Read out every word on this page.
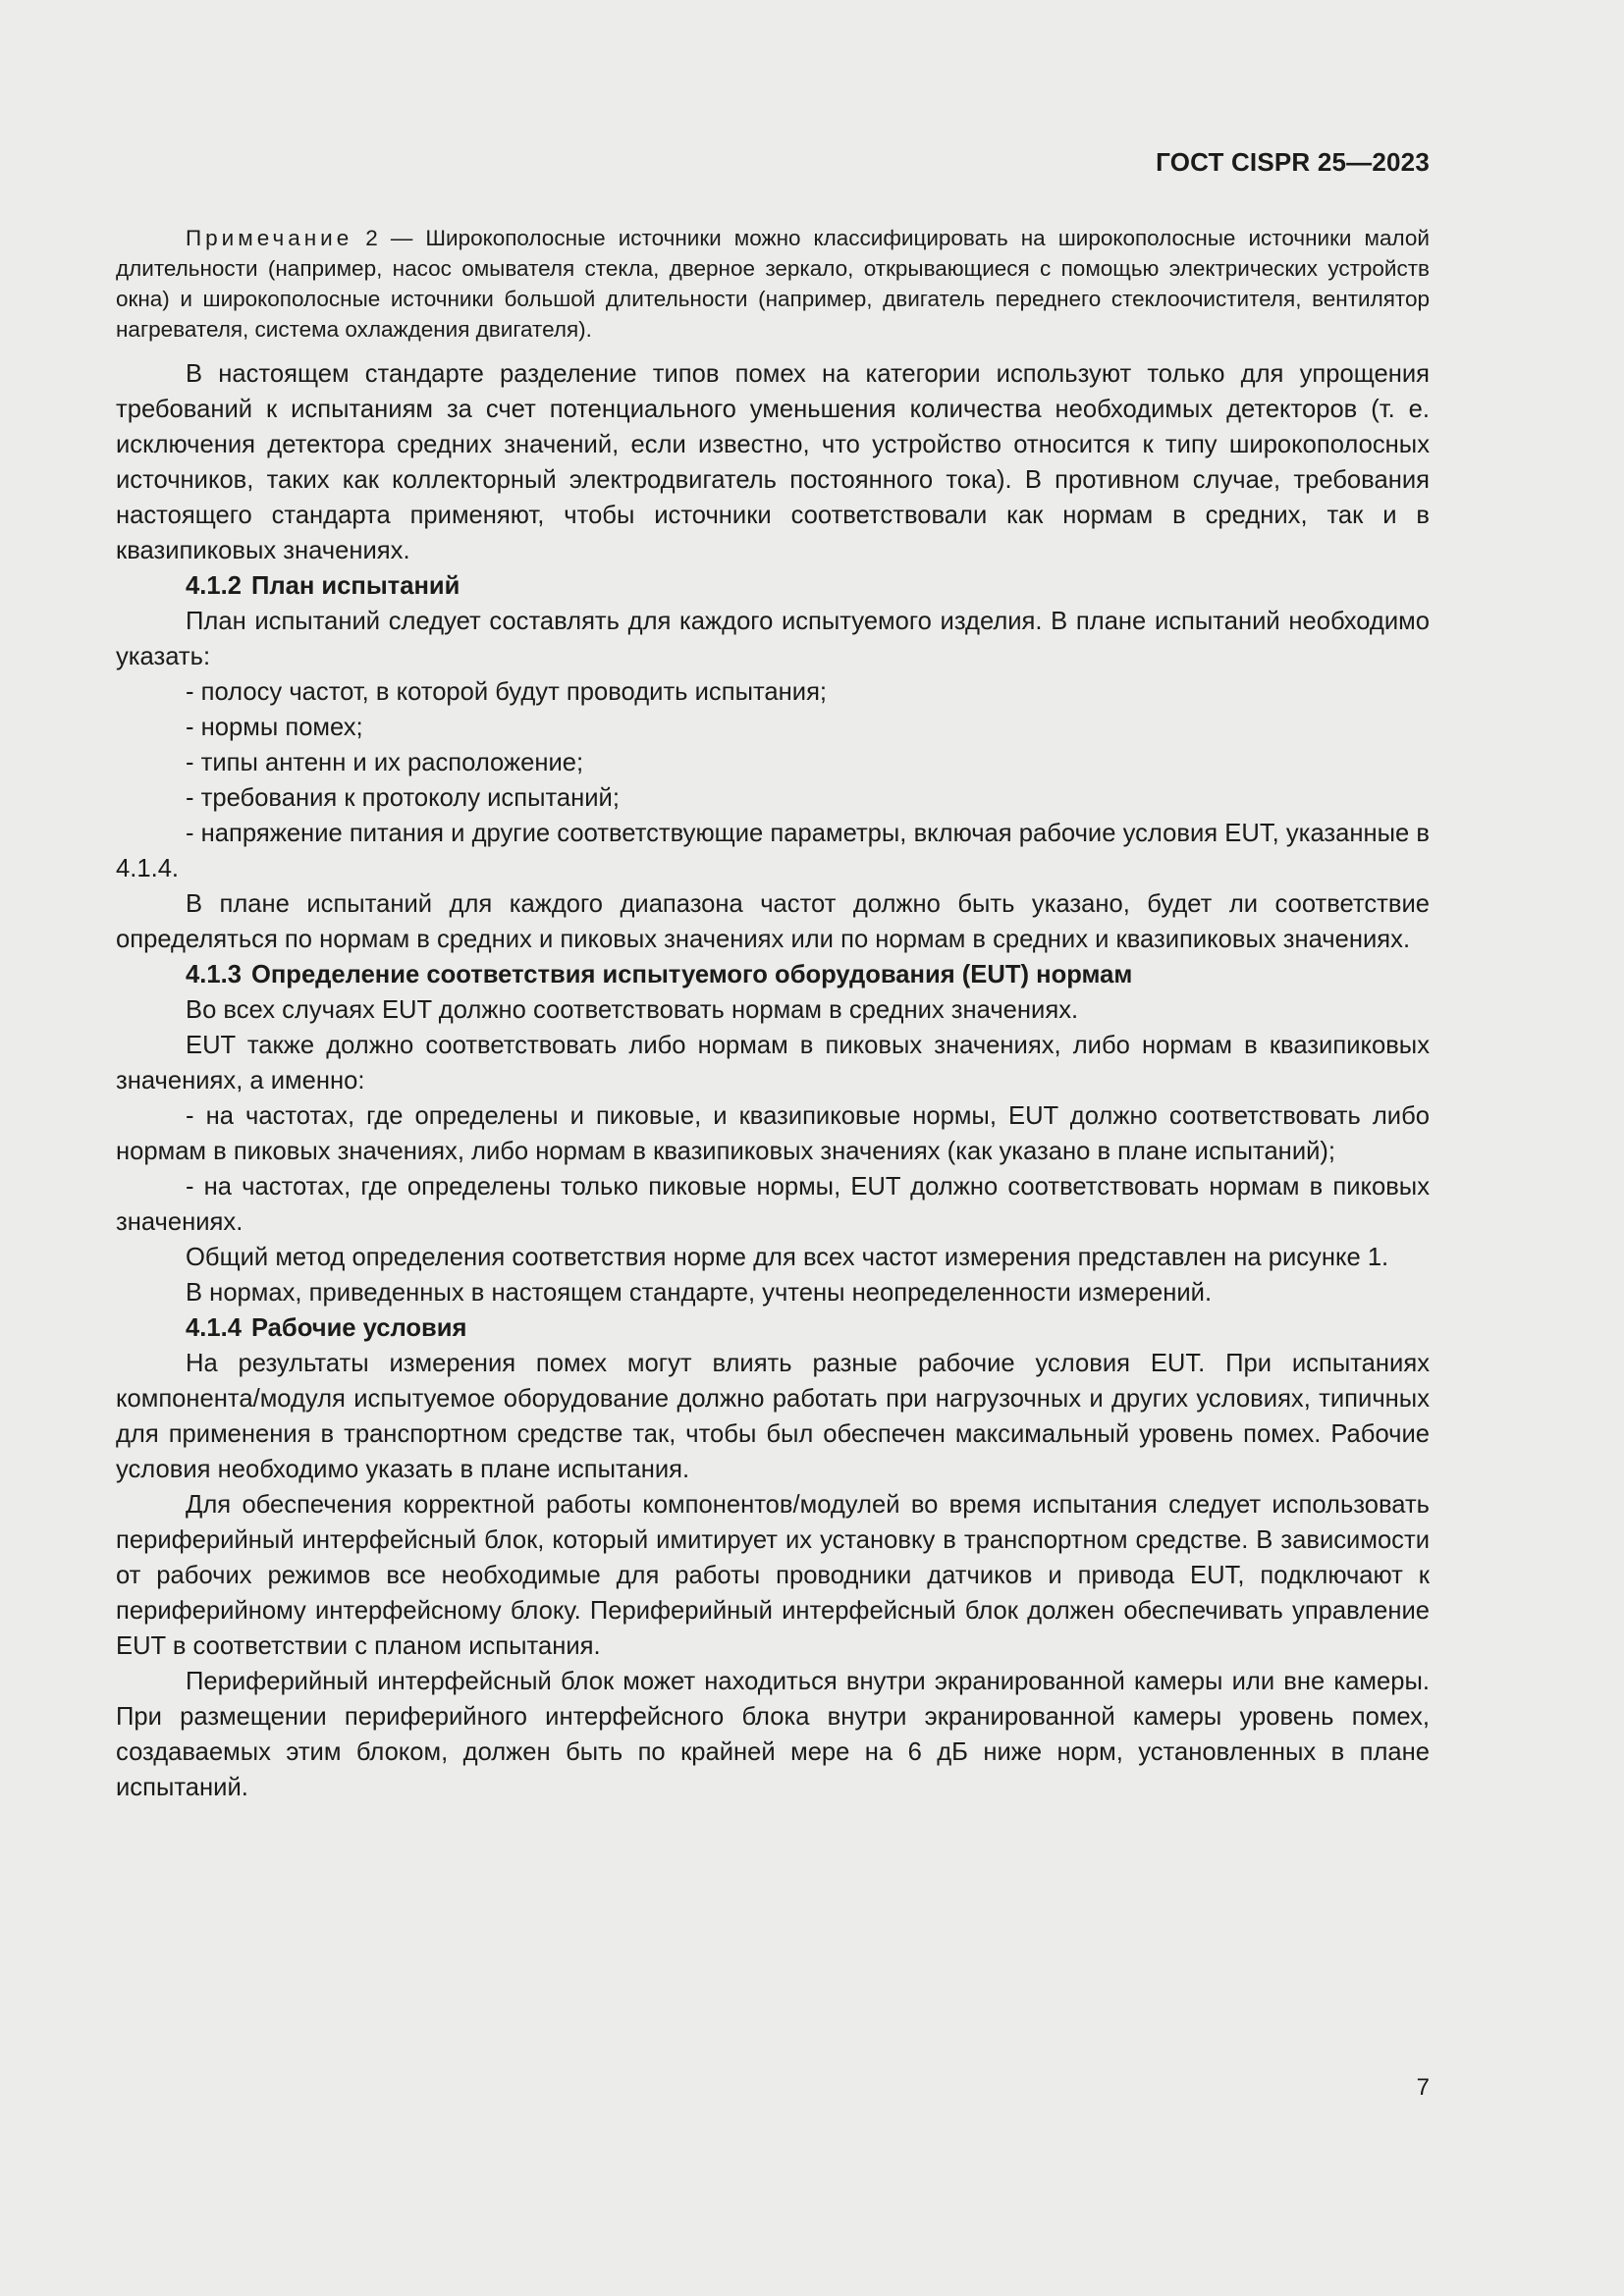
ГОСТ CISPR 25—2023

Примечание 2 — Широкополосные источники можно классифицировать на широкополосные источники малой длительности (например, насос омывателя стекла, дверное зеркало, открывающиеся с помощью электрических устройств окна) и широкополосные источники большой длительности (например, двигатель переднего стеклоочистителя, вентилятор нагревателя, система охлаждения двигателя).

В настоящем стандарте разделение типов помех на категории используют только для упрощения требований к испытаниям за счет потенциального уменьшения количества необходимых детекторов (т. е. исключения детектора средних значений, если известно, что устройство относится к типу широкополосных источников, таких как коллекторный электродвигатель постоянного тока). В противном случае, требования настоящего стандарта применяют, чтобы источники соответствовали как нормам в средних, так и в квазипиковых значениях.

4.1.2 План испытаний

План испытаний следует составлять для каждого испытуемого изделия. В плане испытаний необходимо указать:

- полосу частот, в которой будут проводить испытания;

- нормы помех;

- типы антенн и их расположение;

- требования к протоколу испытаний;

- напряжение питания и другие соответствующие параметры, включая рабочие условия EUT, указанные в 4.1.4.

В плане испытаний для каждого диапазона частот должно быть указано, будет ли соответствие определяться по нормам в средних и пиковых значениях или по нормам в средних и квазипиковых значениях.

4.1.3 Определение соответствия испытуемого оборудования (EUT) нормам

Во всех случаях EUT должно соответствовать нормам в средних значениях.

EUT также должно соответствовать либо нормам в пиковых значениях, либо нормам в квазипиковых значениях, а именно:

- на частотах, где определены и пиковые, и квазипиковые нормы, EUT должно соответствовать либо нормам в пиковых значениях, либо нормам в квазипиковых значениях (как указано в плане испытаний);

- на частотах, где определены только пиковые нормы, EUT должно соответствовать нормам в пиковых значениях.

Общий метод определения соответствия норме для всех частот измерения представлен на рисунке 1.

В нормах, приведенных в настоящем стандарте, учтены неопределенности измерений.

4.1.4 Рабочие условия

На результаты измерения помех могут влиять разные рабочие условия EUT. При испытаниях компонента/модуля испытуемое оборудование должно работать при нагрузочных и других условиях, типичных для применения в транспортном средстве так, чтобы был обеспечен максимальный уровень помех. Рабочие условия необходимо указать в плане испытания.

Для обеспечения корректной работы компонентов/модулей во время испытания следует использовать периферийный интерфейсный блок, который имитирует их установку в транспортном средстве. В зависимости от рабочих режимов все необходимые для работы проводники датчиков и привода EUT, подключают к периферийному интерфейсному блоку. Периферийный интерфейсный блок должен обеспечивать управление EUT в соответствии с планом испытания.

Периферийный интерфейсный блок может находиться внутри экранированной камеры или вне камеры. При размещении периферийного интерфейсного блока внутри экранированной камеры уровень помех, создаваемых этим блоком, должен быть по крайней мере на 6 дБ ниже норм, установленных в плане испытаний.

7
